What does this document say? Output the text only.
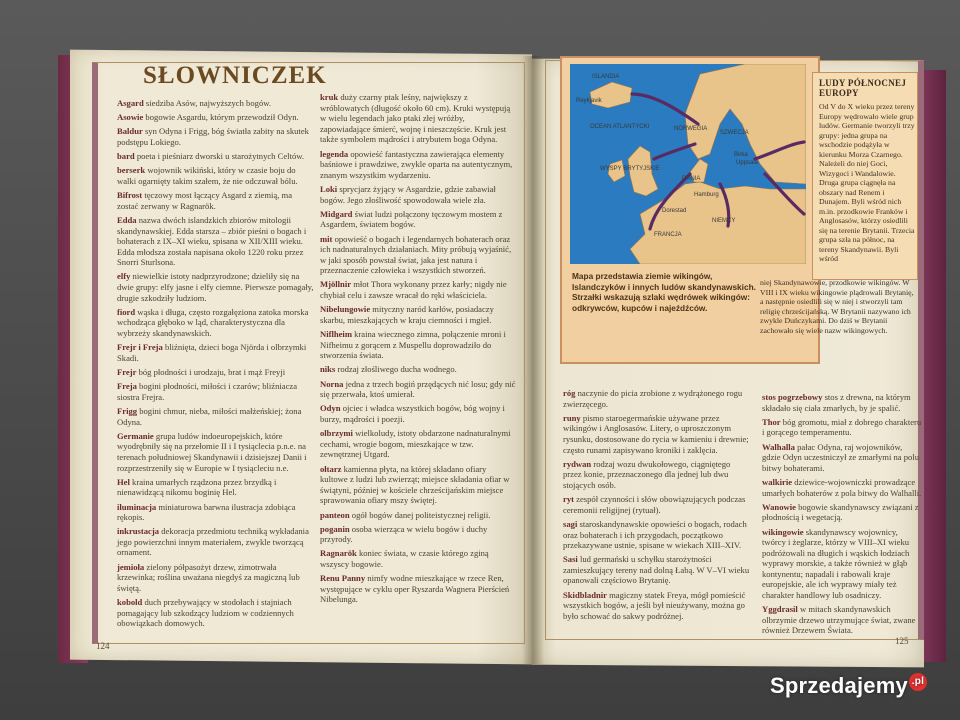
SŁOWNICZEK
Asgard siedziba Asów, najwyższych bogów.
Asowie bogowie Asgardu, którym przewodził Odyn.
Baldur syn Odyna i Frigg, bóg światła zabity na skutek podstępu Lokiego.
bard poeta i pieśniarz dworski u starożytnych Celtów.
berserk wojownik wikiński, który w czasie boju do walki ogarnięty takim szałem, że nie odczuwał bólu.
Bifrost tęczowy most łączący Asgard z ziemią, ma zostać zerwany w Ragnarök.
Edda nazwa dwóch islandzkich zbiorów mitologii skandynawskiej. Edda starsza – zbiór pieśni o bogach i bohaterach z IX–XI wieku, spisana w XII/XIII wieku. Edda młodsza została napisana około 1220 roku przez Snorri Sturlsona.
elfy niewielkie istoty nadprzyrodzone; dzieliły się na dwie grupy: elfy jasne i elfy ciemne. Pierwsze pomagały, drugie szkodziły ludziom.
fiord wąska i długa, często rozgałęziona zatoka morska wchodząca głęboko w ląd, charakterystyczna dla wybrzeży skandynawskich.
Frejr i Freja bliźnięta, dzieci boga Njörda i olbrzymki Skadi.
Frejr bóg płodności i urodzaju, brat i mąż Freyji
Freja bogini płodności, miłości i czarów; bliźniacza siostra Frejra.
Frigg bogini chmur, nieba, miłości małżeńskiej; żona Odyna.
Germanie grupa ludów indoeuropejskich, które wyodrębniły się na przełomie II i I tysiąclecia p.n.e. na terenach południowej Skandynawii i dzisiejszej Danii i rozprzestrzeniły się w Europie w I tysiącleciu n.e.
Hel kraina umarłych rządzona przez brzydką i nienawidzącą nikomu boginię Hel.
iluminacja miniaturowa barwna ilustracja zdobiąca rękopis.
inkrustacja dekoracja przedmiotu techniką wykładania jego powierzchni innym materiałem, zwykle tworzącą ornament.
jemioła zielony półpasożyt drzew, zimotrwała krzewinka; roślina uważana niegdyś za magiczną lub świętą.
kobold duch przebywający w stodołach i stajniach pomagający lub szkodzący ludziom w codziennych obowiązkach domowych.
kruk duży czarny ptak leśny, największy z wróblowatych (długość około 60 cm). Kruki występują w wielu legendach jako ptaki złej wróżby, zapowiadające śmierć, wojnę i nieszczęście. Kruk jest także symbolem mądrości i atrybutem boga Odyna.
legenda opowieść fantastyczna zawierająca elementy baśniowe i prawdziwe, zwykle oparta na autentycznym, znanym wszystkim wydarzeniu.
Loki sprycjarz żyjący w Asgardzie, gdzie zabawiał bogów. Jego złośliwość spowodowała wiele zła.
Midgard świat ludzi połączony tęczowym mostem z Asgardem, światem bogów.
mit opowieść o bogach i legendarnych bohaterach oraz ich nadnaturalnych działaniach. Mity próbują wyjaśnić, w jaki sposób powstał świat, jaka jest natura i przeznaczenie człowieka i wszystkich stworzeń.
Mjöllnir młot Thora wykonany przez karły; nigdy nie chybiał celu i zawsze wracał do ręki właściciela.
Nibelungowie mityczny naród karłów, posiadaczy skarbu, mieszkających w kraju ciemności i mgieł.
Niflheim kraina wiecznego zimna, połączenie mroni i Nifheimu z gorącem z Muspellu doprowadziło do stworzenia świata.
niks rodzaj złośliwego ducha wodnego.
Norna jedna z trzech bogiń przędących nić losu; gdy nić się przerwała, ktoś umierał.
Odyn ojciec i władca wszystkich bogów, bóg wojny i burzy, mądrości i poezji.
olbrzymi wielkoludy, istoty obdarzone nadnaturalnymi cechami, wrogie bogom, mieszkające w tzw. zewnętrznej Utgard.
ołtarz kamienna płyta, na której składano ofiary kultowe z ludzi lub zwierząt; miejsce składania ofiar w świątyni, później w kościele chrześcijańskim miejsce sprawowania ofiary mszy świętej.
panteon ogół bogów danej politeistycznej religii.
poganin osoba wierząca w wielu bogów i duchy przyrody.
Ragnarök koniec świata, w czasie którego zginą wszyscy bogowie.
Renu Panny nimfy wodne mieszkające w rzece Ren, występujące w cyklu oper Ryszarda Wagnera Pierścień Nibelunga.
124
ISLANDIA
Reykjavik
OCEAN ATLANTYCKI	NORWEGIA
SZWECJA
DANIA
WYSPY BRYTYJSKIE
Hamburg
Dorestad
NIEMCY
FRANCJA
Birka
Uppsala
Mapa przedstawia ziemie wikingów, Islandczyków i innych ludów skandynawskich. Strzałki wskazują szlaki wędrówek wikingów: odkrywców, kupców i najeźdźców.
LUDY PÓŁNOCNEJ EUROPY
Od V do X wieku przez tereny Europy wędrowało wiele grup ludów. Germanie tworzyli trzy grupy: jedna grupa na wschodzie podążyła w kierunku Morza Czarnego. Należeli do niej Goci, Wizygoci i Wandalowie. Druga grupa ciągnęła na obszary nad Renem i Dunajem. Byli wśród nich m.in. przodkowie Franków i Anglosasów, którzy osiedlili się na terenie Brytanii. Trzecia grupa szła na północ, na tereny Skandynawii. Byli wśród
niej Skandynawowie, przodkowie wikingów. W VIII i IX wieku wikingowie plądrowali Brytanię, a następnie osiedlili się w niej i stworzyli tam religię chrześcijańską. W Brytanii nazywano ich zwykle Duńczykami. Do dziś w Brytanii zachowało się wiele nazw wikingowych.
róg naczynie do picia zrobione z wydrążonego rogu zwierzęcego.
runy pismo staroegermańskie używane przez wikingów i Anglosasów. Litery, o uproszczonym rysunku, dostosowane do rycia w kamieniu i drewnie; często runami zapisywano kroniki i zaklęcia.
rydwan rodzaj wozu dwukołowego, ciągniętego przez konie, przeznaczonego dla jednej lub dwu stojących osób.
ryt zespół czynności i słów obowiązujących podczas ceremonii religijnej (rytuał).
sagi staroskandynawskie opowieści o bogach, rodach oraz bohaterach i ich przygodach, początkowo przekazywane ustnie, spisane w wiekach XIII–XIV.
Sasi lud germański u schyłku starożytności zamieszkujący tereny nad dolną Łabą. W V–VI wieku opanowali częściowo Brytanię.
Skidbladnir magiczny statek Freya, mógł pomieścić wszystkich bogów, a jeśli był nieużywany, można go było schować do sakwy podróżnej.
stos pogrzebowy stos z drewna, na którym składało się ciała zmarłych, by je spalić.
Thor bóg gromotu, miał z dobrego charakteru i gorącego temperamentu.
Walhalla pałac Odyna, raj wojowników, gdzie Odyn uczestniczył ze zmarłymi na polu bitwy bohaterami.
walkirie dziewice-wojowniczki prowadzące umarłych bohaterów z pola bitwy do Walhalli.
Wanowie bogowie skandynawscy związani z płodnością i wegetacją.
wikingowie skandynawscy wojownicy, twórcy i żeglarze, którzy w VIII–XI wieku podróżowali na długich i wąskich łodziach wyprawy morskie, a także również w głąb kontynentu; napadali i rabowali kraje europejskie, ale ich wyprawy miały też charakter handlowy lub osadniczy.
Yggdrasil w mitach skandynawskich olbrzymie drzewo utrzymujące świat, zwane również Drzewem Świata.
125
Sprzedajemy .pl
